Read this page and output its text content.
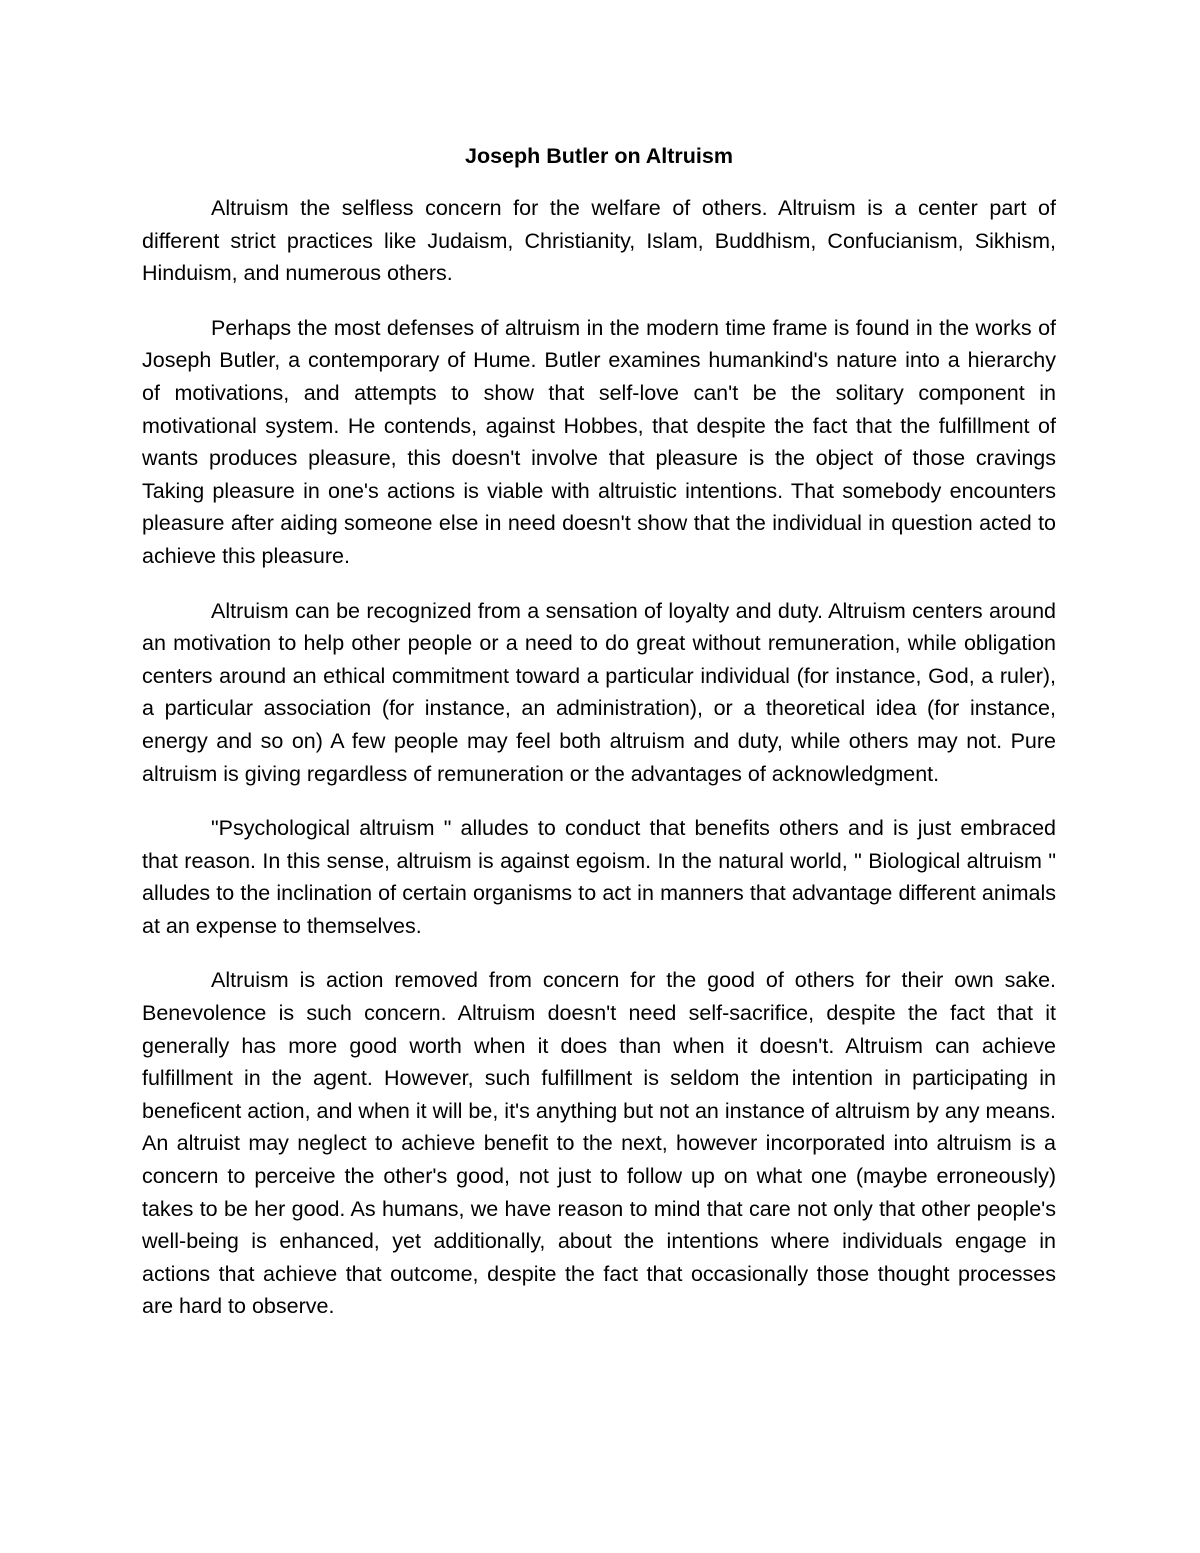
Joseph Butler on Altruism

Altruism the selfless concern for the welfare of others. Altruism is a center part of different strict practices like Judaism, Christianity, Islam, Buddhism, Confucianism, Sikhism, Hinduism, and numerous others.

Perhaps the most defenses of altruism in the modern time frame is found in the works of Joseph Butler, a contemporary of Hume. Butler examines humankind's nature into a hierarchy of motivations, and attempts to show that self-love can't be the solitary component in motivational system. He contends, against Hobbes, that despite the fact that the fulfillment of wants produces pleasure, this doesn't involve that pleasure is the object of those cravings Taking pleasure in one's actions is viable with altruistic intentions. That somebody encounters pleasure after aiding someone else in need doesn't show that the individual in question acted to achieve this pleasure.

Altruism can be recognized from a sensation of loyalty and duty. Altruism centers around an motivation to help other people or a need to do great without remuneration, while obligation centers around an ethical commitment toward a particular individual (for instance, God, a ruler), a particular association (for instance, an administration), or a theoretical idea (for instance, energy and so on) A few people may feel both altruism and duty, while others may not. Pure altruism is giving regardless of remuneration or the advantages of acknowledgment.

"Psychological altruism " alludes to conduct that benefits others and is just embraced that reason. In this sense, altruism is against egoism. In the natural world, " Biological altruism " alludes to the inclination of certain organisms to act in manners that advantage different animals at an expense to themselves.

Altruism is action removed from concern for the good of others for their own sake. Benevolence is such concern. Altruism doesn't need self-sacrifice, despite the fact that it generally has more good worth when it does than when it doesn't. Altruism can achieve fulfillment in the agent. However, such fulfillment is seldom the intention in participating in beneficent action, and when it will be, it's anything but not an instance of altruism by any means. An altruist may neglect to achieve benefit to the next, however incorporated into altruism is a concern to perceive the other's good, not just to follow up on what one (maybe erroneously) takes to be her good. As humans, we have reason to mind that care not only that other people's well-being is enhanced, yet additionally, about the intentions where individuals engage in actions that achieve that outcome, despite the fact that occasionally those thought processes are hard to observe.
